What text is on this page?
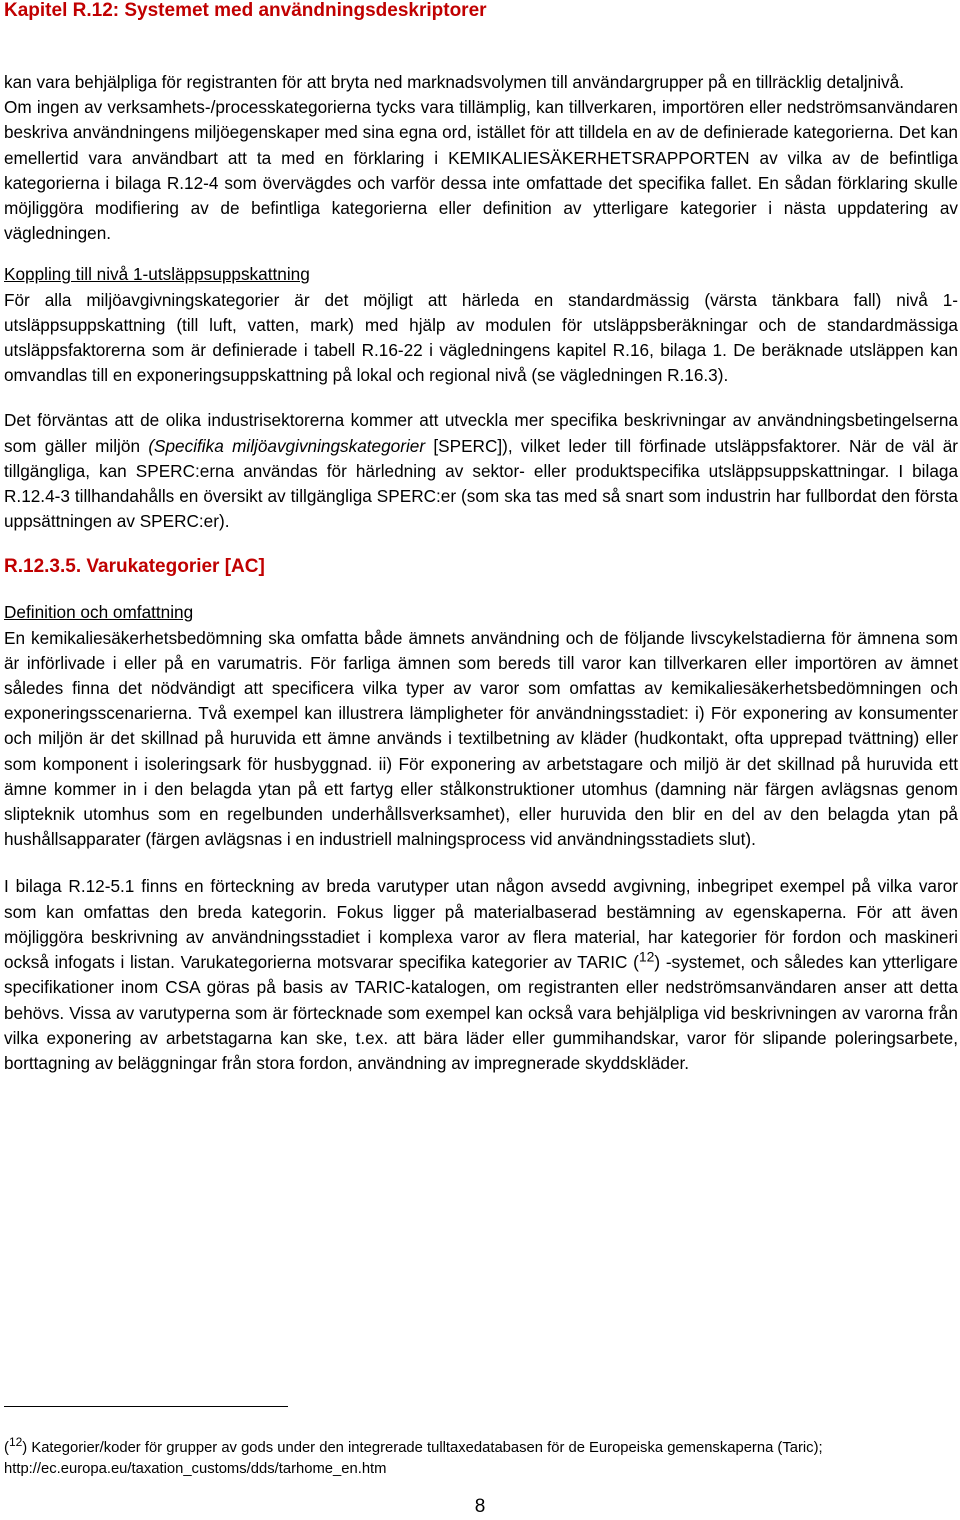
Kapitel R.12: Systemet med användningsdeskriptorer

kan vara behjälpliga för registranten för att bryta ned marknadsvolymen till användargrupper på en tillräcklig detaljnivå.

Om ingen av verksamhets-/processkategorierna tycks vara tillämplig, kan tillverkaren, importören eller nedströmsanvändaren beskriva användningens miljöegenskaper med sina egna ord, istället för att tilldela en av de definierade kategorierna. Det kan emellertid vara användbart att ta med en förklaring i KEMIKALIESÄKERHETSRAPPORTEN av vilka av de befintliga kategorierna i bilaga R.12-4 som övervägdes och varför dessa inte omfattade det specifika fallet. En sådan förklaring skulle möjliggöra modifiering av de befintliga kategorierna eller definition av ytterligare kategorier i nästa uppdatering av vägledningen.

Koppling till nivå 1-utsläppsuppskattning

För alla miljöavgivningskategorier är det möjligt att härleda en standardmässig (värsta tänkbara fall) nivå 1-utsläppsuppskattning (till luft, vatten, mark) med hjälp av modulen för utsläppsberäkningar och de standardmässiga utsläppsfaktorerna som är definierade i tabell R.16-22 i vägledningens kapitel R.16, bilaga 1. De beräknade utsläppen kan omvandlas till en exponeringsuppskattning på lokal och regional nivå (se vägledningen R.16.3).

Det förväntas att de olika industrisektorerna kommer att utveckla mer specifika beskrivningar av användningsbetingelserna som gäller miljön (Specifika miljöavgivningskategorier [SPERC]), vilket leder till förfinade utsläppsfaktorer. När de väl är tillgängliga, kan SPERC:erna användas för härledning av sektor- eller produktspecifika utsläppsuppskattningar. I bilaga R.12.4-3 tillhandahålls en översikt av tillgängliga SPERC:er (som ska tas med så snart som industrin har fullbordat den första uppsättningen av SPERC:er).

R.12.3.5. Varukategorier [AC]

Definition och omfattning

En kemikaliesäkerhetsbedömning ska omfatta både ämnets användning och de följande livscykelstadierna för ämnena som är införlivade i eller på en varumatris. För farliga ämnen som bereds till varor kan tillverkaren eller importören av ämnet således finna det nödvändigt att specificera vilka typer av varor som omfattas av kemikaliesäkerhetsbedömningen och exponeringsscenarierna. Två exempel kan illustrera lämpligheter för användningsstadiet: i) För exponering av konsumenter och miljön är det skillnad på huruvida ett ämne används i textilbetning av kläder (hudkontakt, ofta upprepad tvättning) eller som komponent i isoleringsark för husbyggnad. ii) För exponering av arbetstagare och miljö är det skillnad på huruvida ett ämne kommer in i den belagda ytan på ett fartyg eller stålkonstruktioner utomhus (damning när färgen avlägsnas genom slipteknik utomhus som en regelbunden underhållsverksamhet), eller huruvida den blir en del av den belagda ytan på hushållsapparater (färgen avlägsnas i en industriell malningsprocess vid användningsstadiets slut).

I bilaga R.12-5.1 finns en förteckning av breda varutyper utan någon avsedd avgivning, inbegripet exempel på vilka varor som kan omfattas den breda kategorin. Fokus ligger på materialbaserad bestämning av egenskaperna. För att även möjliggöra beskrivning av användningsstadiet i komplexa varor av flera material, har kategorier för fordon och maskineri också infogats i listan. Varukategorierna motsvarar specifika kategorier av TARIC ($^{12}$) -systemet, och således kan ytterligare specifikationer inom CSA göras på basis av TARIC-katalogen, om registranten eller nedströmsanvändaren anser att detta behövs. Vissa av varutyperna som är förtecknade som exempel kan också vara behjälpliga vid beskrivningen av varorna från vilka exponering av arbetstagarna kan ske, t.ex. att bära läder eller gummihandskar, varor för slipande poleringsarbete, borttagning av beläggningar från stora fordon, användning av impregnerade skyddskläder.

($^{12}$) Kategorier/koder för grupper av gods under den integrerade tulltaxedatabasen för de Europeiska gemenskaperna (Taric); http://ec.europa.eu/taxation_customs/dds/tarhome_en.htm
8
